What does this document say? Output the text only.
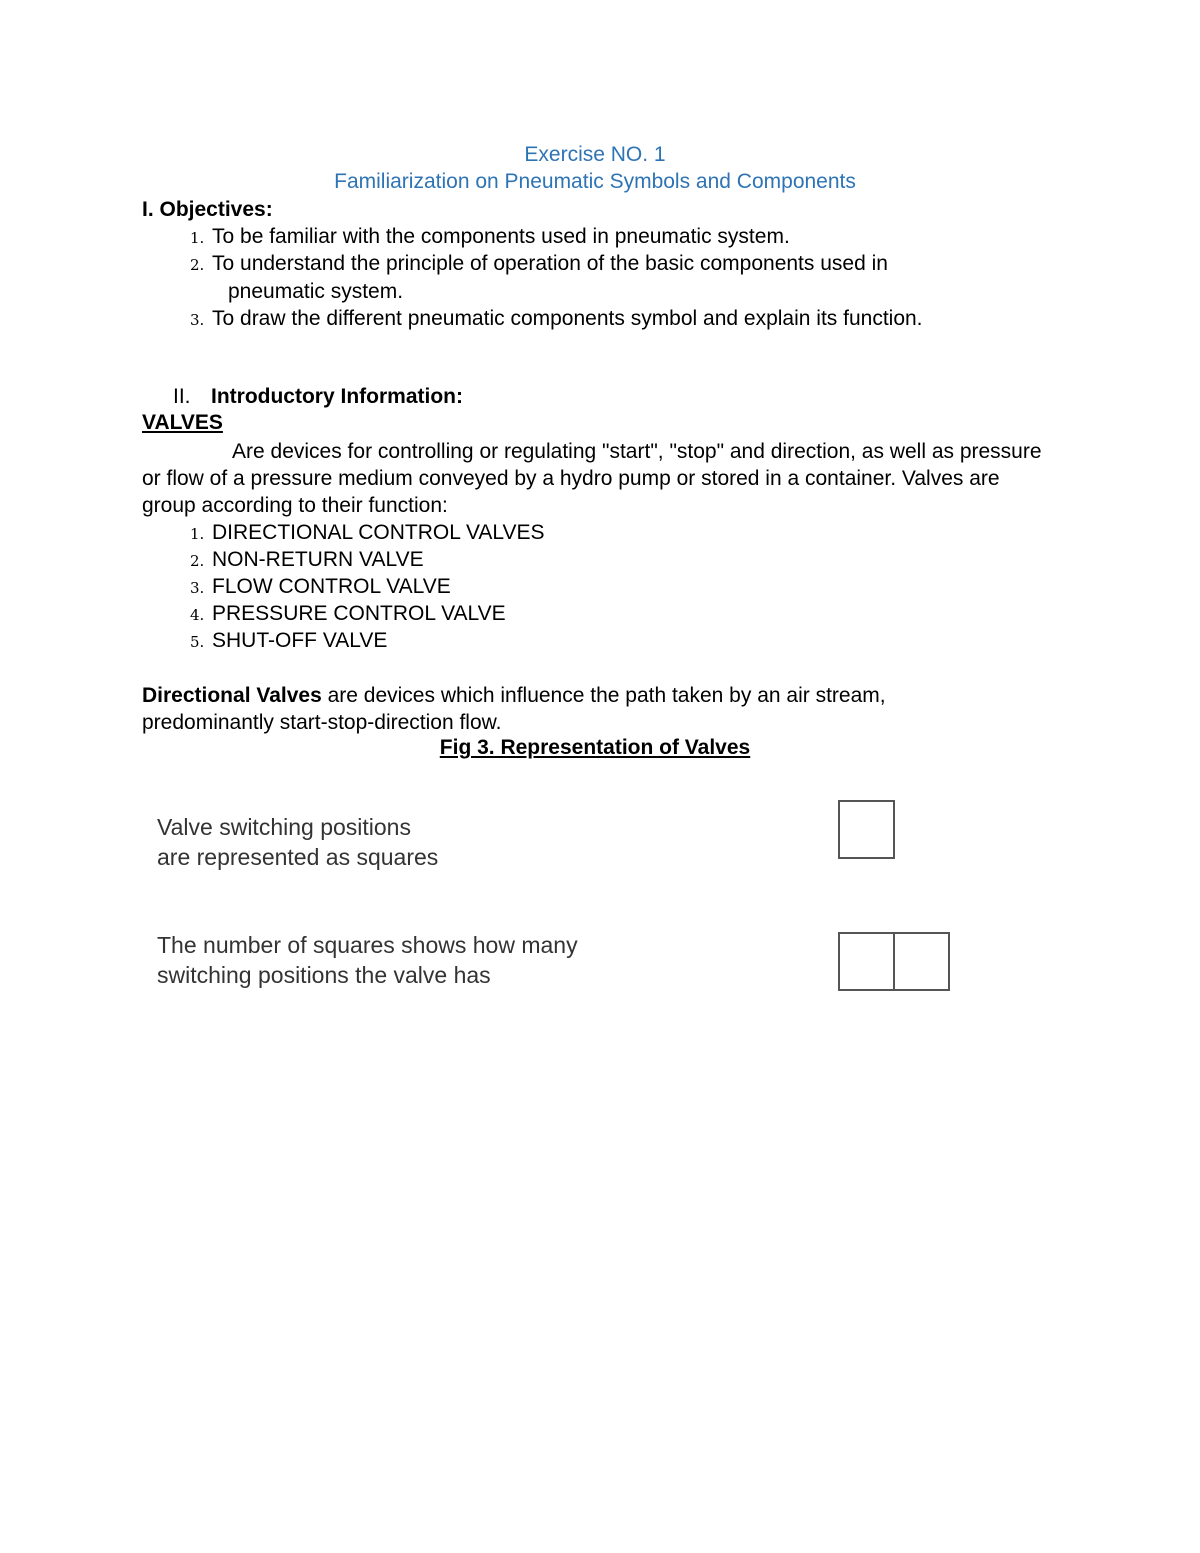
Exercise NO. 1
Familiarization on Pneumatic Symbols and Components
I. Objectives:
1. To be familiar with the components used in pneumatic system.
2. To understand the principle of operation of the basic components used in
pneumatic system.
3. To draw the different pneumatic components symbol and explain its function.
II. Introductory Information:
VALVES
Are devices for controlling or regulating "start", "stop" and direction, as well as pressure or flow of a pressure medium conveyed by a hydro pump or stored in a container. Valves are group according to their function:
1. DIRECTIONAL CONTROL VALVES
2. NON-RETURN VALVE
3. FLOW CONTROL VALVE
4. PRESSURE CONTROL VALVE
5. SHUT-OFF VALVE
Directional Valves are devices which influence the path taken by an air stream, predominantly start-stop-direction flow.
Fig 3. Representation of Valves
Valve switching positions
are represented as squares
The number of squares shows how many
switching positions the valve has
